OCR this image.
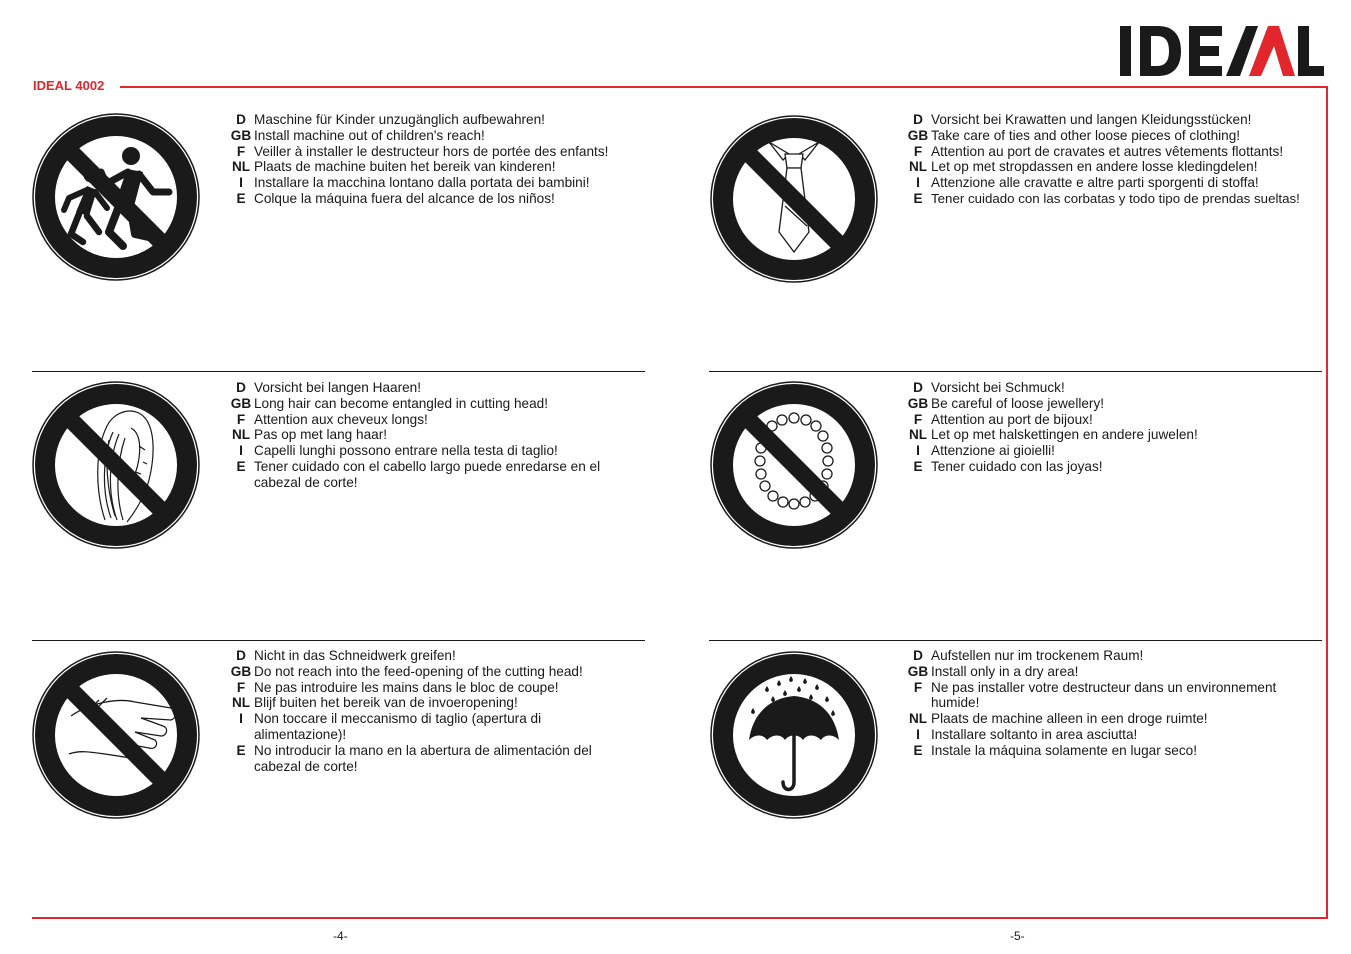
IDEAL 4002
D Maschine für Kinder unzugänglich aufbewahren!
GB Install machine out of children's reach!
F Veiller à installer le destructeur hors de portée des enfants!
NL Plaats de machine buiten het bereik van kinderen!
I Installare la macchina lontano dalla portata dei bambini!
E Colque la máquina fuera del alcance de los niños!
D Vorsicht bei langen Haaren!
GB Long hair can become entangled in cutting head!
F Attention aux cheveux longs!
NL Pas op met lang haar!
I Capelli lunghi possono entrare nella testa di taglio!
E Tener cuidado con el cabello largo puede enredarse en el
cabezal de corte!
D Nicht in das Schneidwerk greifen!
GB Do not reach into the feed-opening of the cutting head!
F Ne pas introduire les mains dans le bloc de coupe!
NL Blijf buiten het bereik van de invoeropening!
I Non toccare il meccanismo di taglio (apertura di
alimentazione)!
E No introducir la mano en la abertura de alimentación del
cabezal de corte!
D Vorsicht bei Krawatten und langen Kleidungsstücken!
GB Take care of ties and other loose pieces of clothing!
F Attention au port de cravates et autres vêtements flottants!
NL Let op met stropdassen en andere losse kledingdelen!
I Attenzione alle cravatte e altre parti sporgenti di stoffa!
E Tener cuidado con las corbatas y todo tipo de prendas sueltas!
D Vorsicht bei Schmuck!
GB Be careful of loose jewellery!
F Attention au port de bijoux!
NL Let op met halskettingen en andere juwelen!
I Attenzione ai gioielli!
E Tener cuidado con las joyas!
D Aufstellen nur im trockenem Raum!
GB Install only in a dry area!
F Ne pas installer votre destructeur dans un environnement
humide!
NL Plaats de machine alleen in een droge ruimte!
I Installare soltanto in area asciutta!
E Instale la máquina solamente en lugar seco!
-4-	-5-
